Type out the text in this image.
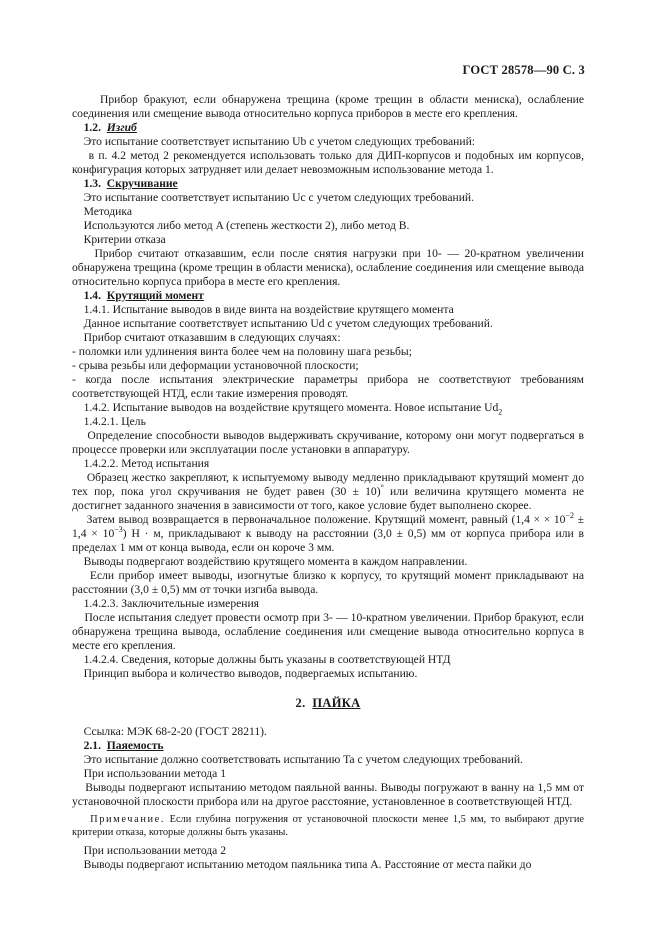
ГОСТ 28578—90 С. 3

Прибор бракуют, если обнаружена трещина (кроме трещин в области мениска), ослабление соединения или смещение вывода относительно корпуса приборов в месте его крепления.

1.2. Изгиб

Это испытание соответствует испытанию Ub с учетом следующих требований:

в п. 4.2 метод 2 рекомендуется использовать только для ДИП-корпусов и подобных им корпусов, конфигурация которых затрудняет или делает невозможным использование метода 1.

1.3. Скручивание

Это испытание соответствует испытанию Uc с учетом следующих требований.

Методика

Используются либо метод A (степень жесткости 2), либо метод B.

Критерии отказа

Прибор считают отказавшим, если после снятия нагрузки при 10- — 20-кратном увеличении обнаружена трещина (кроме трещин в области мениска), ослабление соединения или смещение вывода относительно корпуса прибора в месте его крепления.

1.4. Крутящий момент

1.4.1. Испытание выводов в виде винта на воздействие крутящего момента

Данное испытание соответствует испытанию Ud с учетом следующих требований.

Прибор считают отказавшим в следующих случаях:

- поломки или удлинения винта более чем на половину шага резьбы;

- срыва резьбы или деформации установочной плоскости;

- когда после испытания электрические параметры прибора не соответствуют требованиям соответствующей НТД, если такие измерения проводят.

1.4.2. Испытание выводов на воздействие крутящего момента. Новое испытание $Ud_2$

1.4.2.1. Цель

Определение способности выводов выдерживать скручивание, которому они могут подвергаться в процессе проверки или эксплуатации после установки в аппаратуру.

1.4.2.2. Метод испытания

Образец жестко закрепляют, к испытуемому выводу медленно прикладывают крутящий момент до тех пор, пока угол скручивания не будет равен (30 ± 10)° или величина крутящего момента не достигнет заданного значения в зависимости от того, какое условие будет выполнено скорее.

Затем вывод возвращается в первоначальное положение. Крутящий момент, равный (1,4 × × $10^{-2} \pm 1,4 \times 10^{-3}$) Н · м, прикладывают к выводу на расстоянии (3,0 ± 0,5) мм от корпуса прибора или в пределах 1 мм от конца вывода, если он короче 3 мм.

Выводы подвергают воздействию крутящего момента в каждом направлении.

Если прибор имеет выводы, изогнутые близко к корпусу, то крутящий момент прикладывают на расстоянии (3,0 ± 0,5) мм от точки изгиба вывода.

1.4.2.3. Заключительные измерения

После испытания следует провести осмотр при 3- — 10-кратном увеличении. Прибор бракуют, если обнаружена трещина вывода, ослабление соединения или смещение вывода относительно корпуса в месте его крепления.

1.4.2.4. Сведения, которые должны быть указаны в соответствующей НТД

Принцип выбора и количество выводов, подвергаемых испытанию.

2. ПАЙКА

Ссылка: МЭК 68-2-20 (ГОСТ 28211).

2.1. Паяемость

Это испытание должно соответствовать испытанию Ta с учетом следующих требований.

При использовании метода 1

Выводы подвергают испытанию методом паяльной ванны. Выводы погружают в ванну на 1,5 мм от установочной плоскости прибора или на другое расстояние, установленное в соответствующей НТД.

Примечание. Если глубина погружения от установочной плоскости менее 1,5 мм, то выбирают другие критерии отказа, которые должны быть указаны.

При использовании метода 2

Выводы подвергают испытанию методом паяльника типа A. Расстояние от места пайки до
